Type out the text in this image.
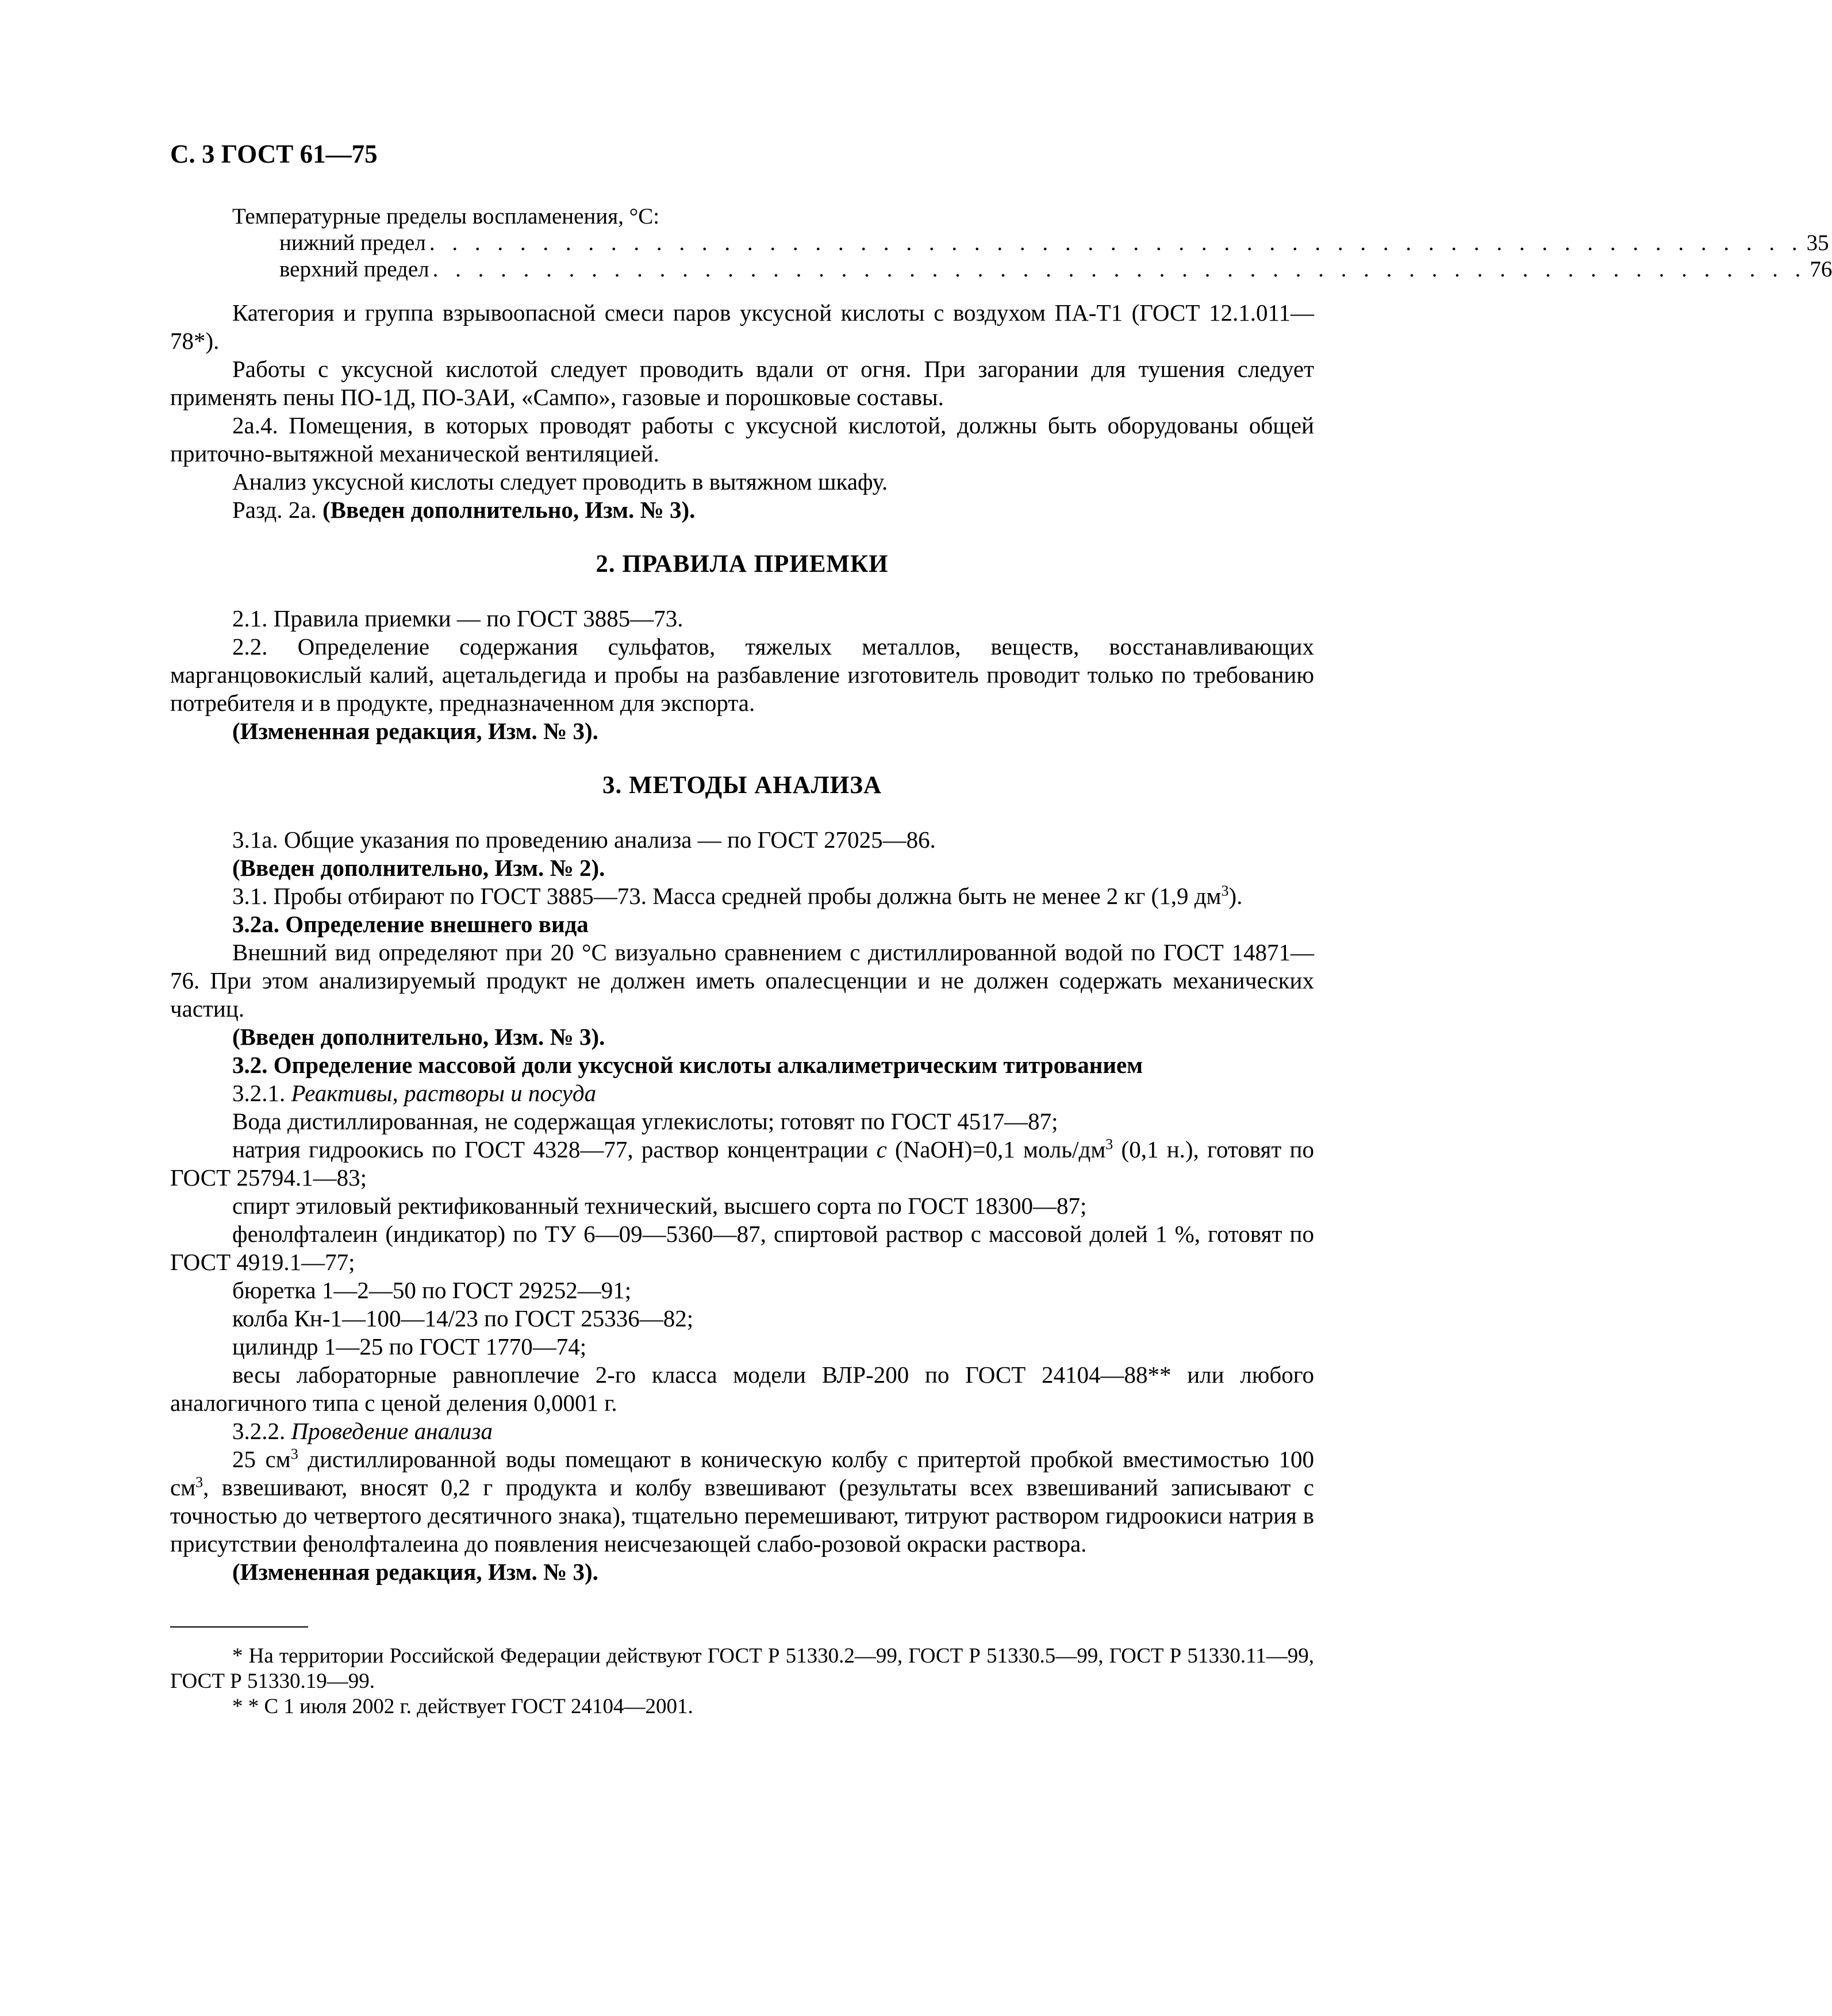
С. 3 ГОСТ 61—75

Температурные пределы воспламенения, °С:

нижний предел . . . . . . . . . . . . . . . . . . . . . . . . . . . . . . . . . . . . . . . . . . . . . . . . . . . . . . . . . . . . . 35
верхний предел . . . . . . . . . . . . . . . . . . . . . . . . . . . . . . . . . . . . . . . . . . . . . . . . . . . . . . . . . . . . . 76

Категория и группа взрывоопасной смеси паров уксусной кислоты с воздухом ПА-Т1 (ГОСТ 12.1.011—78*).

Работы с уксусной кислотой следует проводить вдали от огня. При загорании для тушения следует применять пены ПО-1Д, ПО-3АИ, «Сампо», газовые и порошковые составы.

2а.4. Помещения, в которых проводят работы с уксусной кислотой, должны быть оборудованы общей приточно-вытяжной механической вентиляцией.

Анализ уксусной кислоты следует проводить в вытяжном шкафу.

Разд. 2а. (Введен дополнительно, Изм. № 3).

2. ПРАВИЛА ПРИЕМКИ

2.1. Правила приемки — по ГОСТ 3885—73.

2.2. Определение содержания сульфатов, тяжелых металлов, веществ, восстанавливающих марганцовокислый калий, ацетальдегида и пробы на разбавление изготовитель проводит только по требованию потребителя и в продукте, предназначенном для экспорта.

(Измененная редакция, Изм. № 3).

3. МЕТОДЫ АНАЛИЗА

3.1а. Общие указания по проведению анализа — по ГОСТ 27025—86.

(Введен дополнительно, Изм. № 2).

3.1. Пробы отбирают по ГОСТ 3885—73. Масса средней пробы должна быть не менее 2 кг (1,9 $дм^3$).

3.2а. Определение внешнего вида

Внешний вид определяют при 20 °С визуально сравнением с дистиллированной водой по ГОСТ 14871—76. При этом анализируемый продукт не должен иметь опалесценции и не должен содержать механических частиц.

(Введен дополнительно, Изм. № 3).

3.2. Определение массовой доли уксусной кислоты алкалиметрическим титрованием

3.2.1. Реактивы, растворы и посуда

Вода дистиллированная, не содержащая углекислоты; готовят по ГОСТ 4517—87;

натрия гидроокись по ГОСТ 4328—77, раствор концентрации с (NaOH)=0,1 моль/$дм^3$ (0,1 н.), готовят по ГОСТ 25794.1—83;

спирт этиловый ректификованный технический, высшего сорта по ГОСТ 18300—87;

фенолфталеин (индикатор) по ТУ 6—09—5360—87, спиртовой раствор с массовой долей 1 %, готовят по ГОСТ 4919.1—77;

бюретка 1—2—50 по ГОСТ 29252—91;

колба Кн-1—100—14/23 по ГОСТ 25336—82;

цилиндр 1—25 по ГОСТ 1770—74;

весы лабораторные равноплечие 2-го класса модели ВЛР-200 по ГОСТ 24104—88** или любого аналогичного типа с ценой деления 0,0001 г.

3.2.2. Проведение анализа

25 $см^3$ дистиллированной воды помещают в коническую колбу с притертой пробкой вместимостью 100 $см^3$, взвешивают, вносят 0,2 г продукта и колбу взвешивают (результаты всех взвешиваний записывают с точностью до четвертого десятичного знака), тщательно перемешивают, титруют раствором гидроокиси натрия в присутствии фенолфталеина до появления неисчезающей слабо-розовой окраски раствора.

(Измененная редакция, Изм. № 3).

* На территории Российской Федерации действуют ГОСТ Р 51330.2—99, ГОСТ Р 51330.5—99, ГОСТ Р 51330.11—99, ГОСТ Р 51330.19—99.

* * С 1 июля 2002 г. действует ГОСТ 24104—2001.
